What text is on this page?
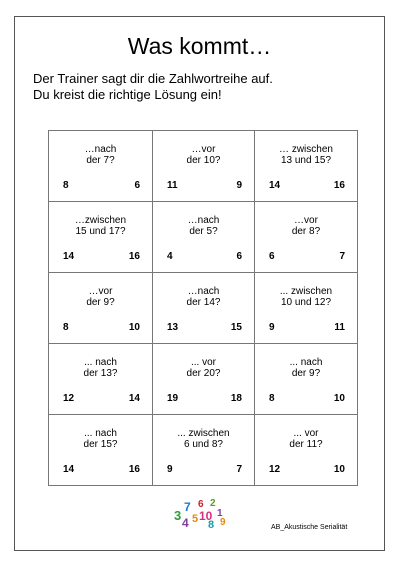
Was kommt…
Der Trainer sagt dir die Zahlwortreihe auf.
Du kreist die richtige Lösung ein!
…nach
der 7?
8	6
…vor
der 10?
11	9
… zwischen
13 und 15?
14	16
…zwischen
15 und 17?
14	16
…nach
der 5?
4	6
…vor
der 8?
6	7
…vor
der 9?
8	10
…nach
der 14?
13	15
... zwischen
10 und 12?
9	11
... nach
der 13?
12	14
... vor
der 20?
19	18
... nach
der 9?
8	10
... nach
der 15?
14	16
... zwischen
6 und 8?
9	7
... vor
der 11?
12	10
3 4
7
5
6
10
8
2
1
9	AB_Akustische Serialität
